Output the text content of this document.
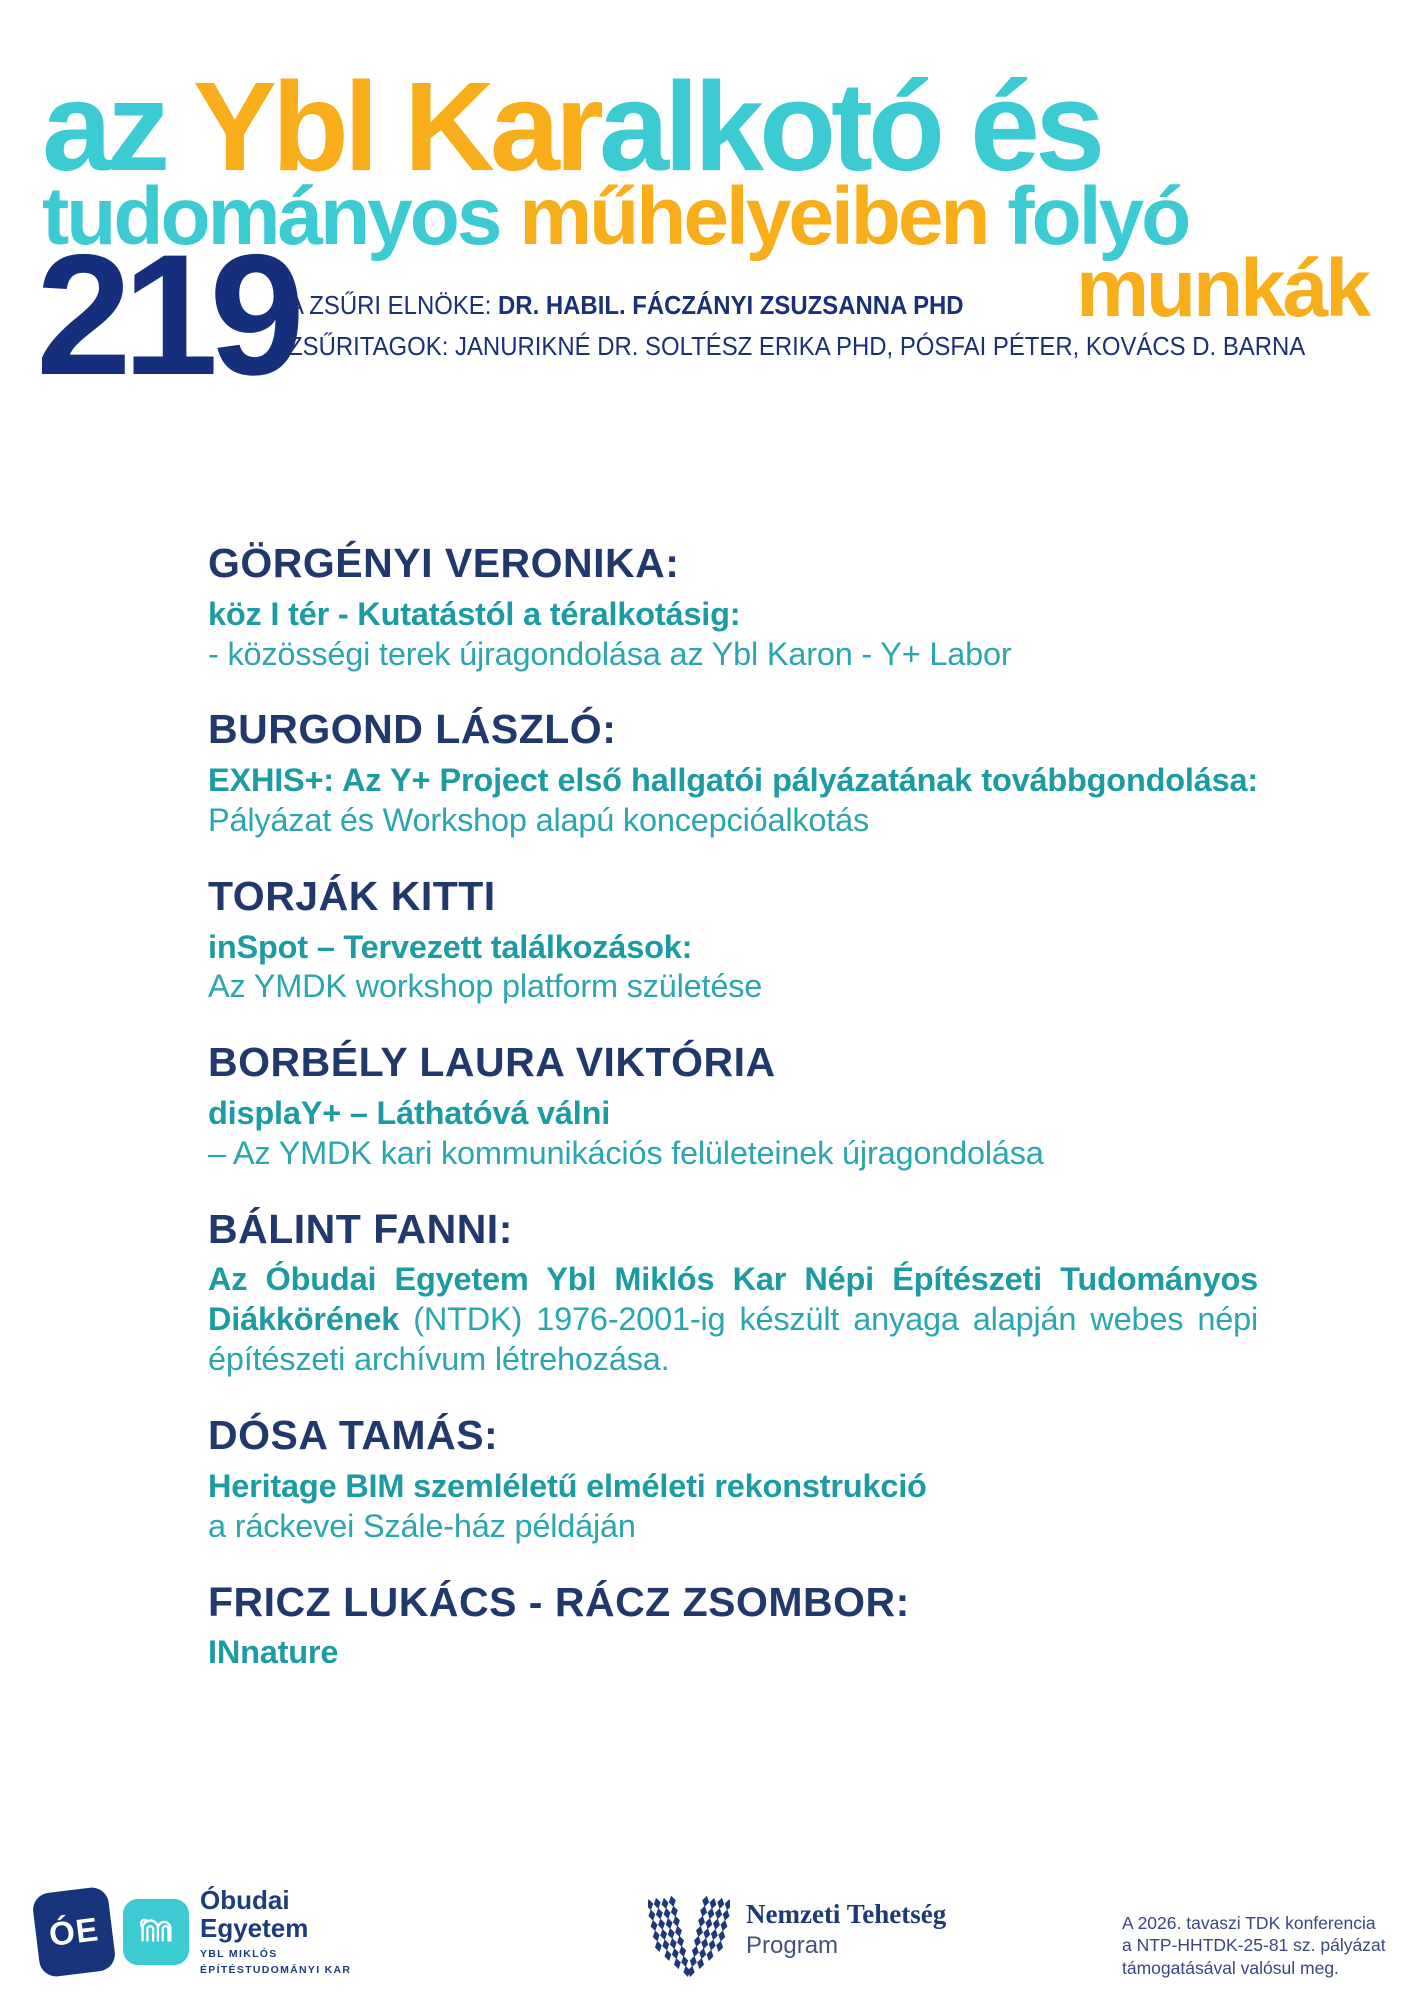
az Ybl Karalkotó és
tudományos műhelyeiben folyó
219	munkák
A ZSŰRI ELNÖKE: DR. HABIL. FÁCZÁNYI ZSUZSANNA PHD
ZSŰRITAGOK: JANURIKNÉ DR. SOLTÉSZ ERIKA PHD, PÓSFAI PÉTER, KOVÁCS D. BARNA
GÖRGÉNYI VERONIKA:
köz I tér - Kutatástól a téralkotásig:
- közösségi terek újragondolása az Ybl Karon - Y+ Labor
BURGOND LÁSZLÓ:

EXHIS+: Az Y+ Project első hallgatói pályázatának továbbgondolása: Pályázat és Workshop alapú koncepcióalkotás

TORJÁK KITTI
inSpot – Tervezett találkozások:
Az YMDK workshop platform születése
BORBÉLY LAURA VIKTÓRIA
displaY+ – Láthatóvá válni
– Az YMDK kari kommunikációs felületeinek újragondolása
BÁLINT FANNI:

Az Óbudai Egyetem Ybl Miklós Kar Népi Építészeti Tudományos Diákkörének (NTDK) 1976-2001-ig készült anyaga alapján webes népi építészeti archívum létrehozása.

DÓSA TAMÁS:
Heritage BIM szemléletű elméleti rekonstrukció
a ráckevei Szále-ház példáján
FRICZ LUKÁCS - RÁCZ ZSOMBOR:
INnature
ÓE
Óbudai
Egyetem
YBL MIKLÓS
ÉPÍTÉSTUDOMÁNYI KAR
Nemzeti Tehetség
Program
A 2026. tavaszi TDK konferencia
a NTP-HHTDK-25-81 sz. pályázat
támogatásával valósul meg.
